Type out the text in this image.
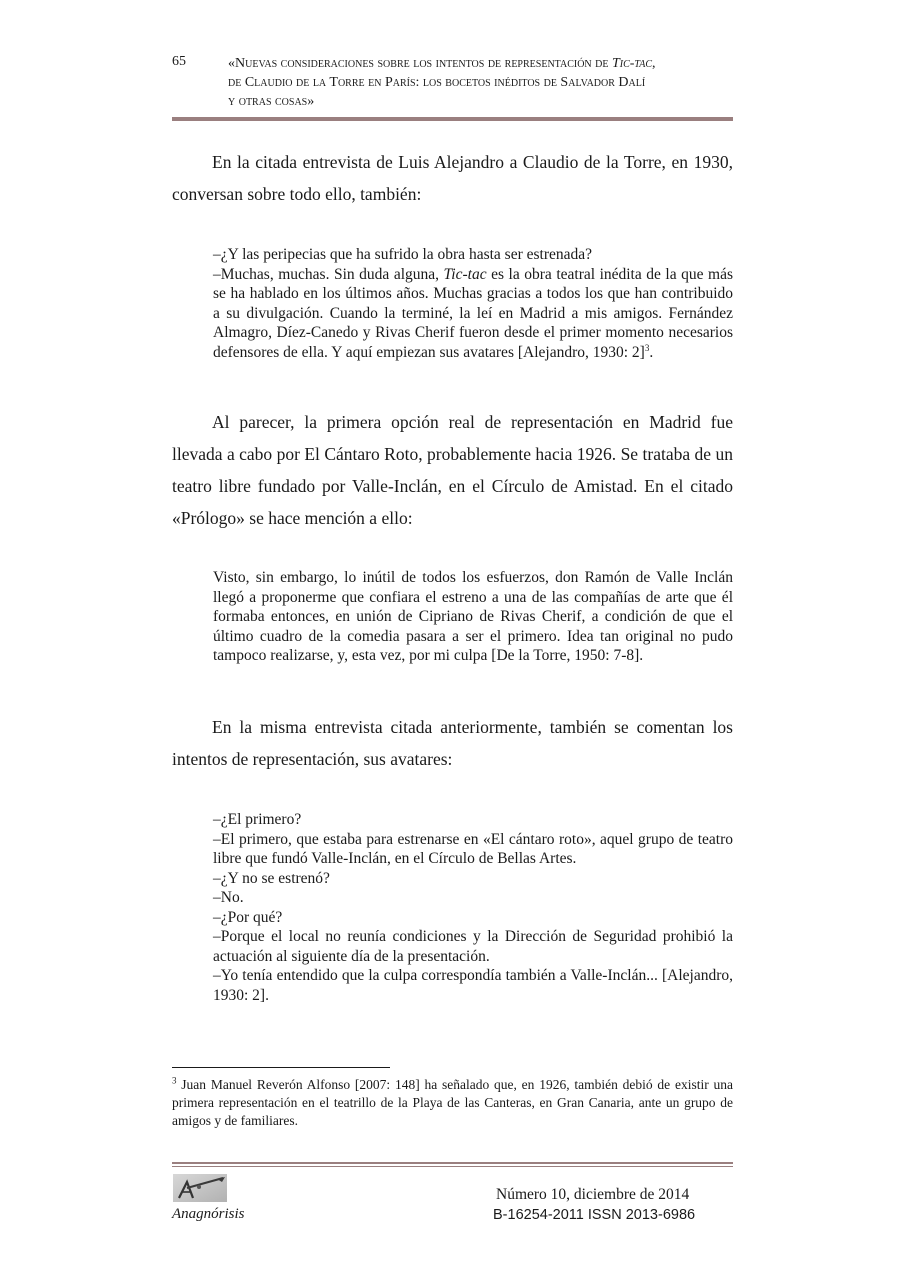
65	«Nuevas consideraciones sobre los intentos de representación de Tic-tac,
de Claudio de la Torre en París: los bocetos inéditos de Salvador Dalí
y otras cosas»

En la citada entrevista de Luis Alejandro a Claudio de la Torre, en 1930, conversan sobre todo ello, también:

–¿Y las peripecias que ha sufrido la obra hasta ser estrenada?
–Muchas, muchas. Sin duda alguna, Tic-tac es la obra teatral inédita de la que más se ha hablado en los últimos años. Muchas gracias a todos los que han contribuido a su divulgación. Cuando la terminé, la leí en Madrid a mis amigos. Fernández Almagro, Díez-Canedo y Rivas Cherif fueron desde el primer momento necesarios defensores de ella. Y aquí empiezan sus avatares [Alejandro, 1930: 2]$^3$.

Al parecer, la primera opción real de representación en Madrid fue llevada a cabo por El Cántaro Roto, probablemente hacia 1926. Se trataba de un teatro libre fundado por Valle-Inclán, en el Círculo de Amistad. En el citado «Prólogo» se hace mención a ello:

Visto, sin embargo, lo inútil de todos los esfuerzos, don Ramón de Valle Inclán llegó a proponerme que confiara el estreno a una de las compañías de arte que él formaba entonces, en unión de Cipriano de Rivas Cherif, a condición de que el último cuadro de la comedia pasara a ser el primero. Idea tan original no pudo tampoco realizarse, y, esta vez, por mi culpa [De la Torre, 1950: 7-8].

En la misma entrevista citada anteriormente, también se comentan los intentos de representación, sus avatares:

–¿El primero?
–El primero, que estaba para estrenarse en «El cántaro roto», aquel grupo de teatro libre que fundó Valle-Inclán, en el Círculo de Bellas Artes.
–¿Y no se estrenó?
–No.
–¿Por qué?
–Porque el local no reunía condiciones y la Dirección de Seguridad prohibió la actuación al siguiente día de la presentación.
–Yo tenía entendido que la culpa correspondía también a Valle-Inclán... [Alejandro, 1930: 2].

$^3$ Juan Manuel Reverón Alfonso [2007: 148] ha señalado que, en 1926, también debió de existir una primera representación en el teatrillo de la Playa de las Canteras, en Gran Canaria, ante un grupo de amigos y de familiares.

Anagnórisis
Número 10, diciembre de 2014
B-16254-2011 ISSN 2013-6986
